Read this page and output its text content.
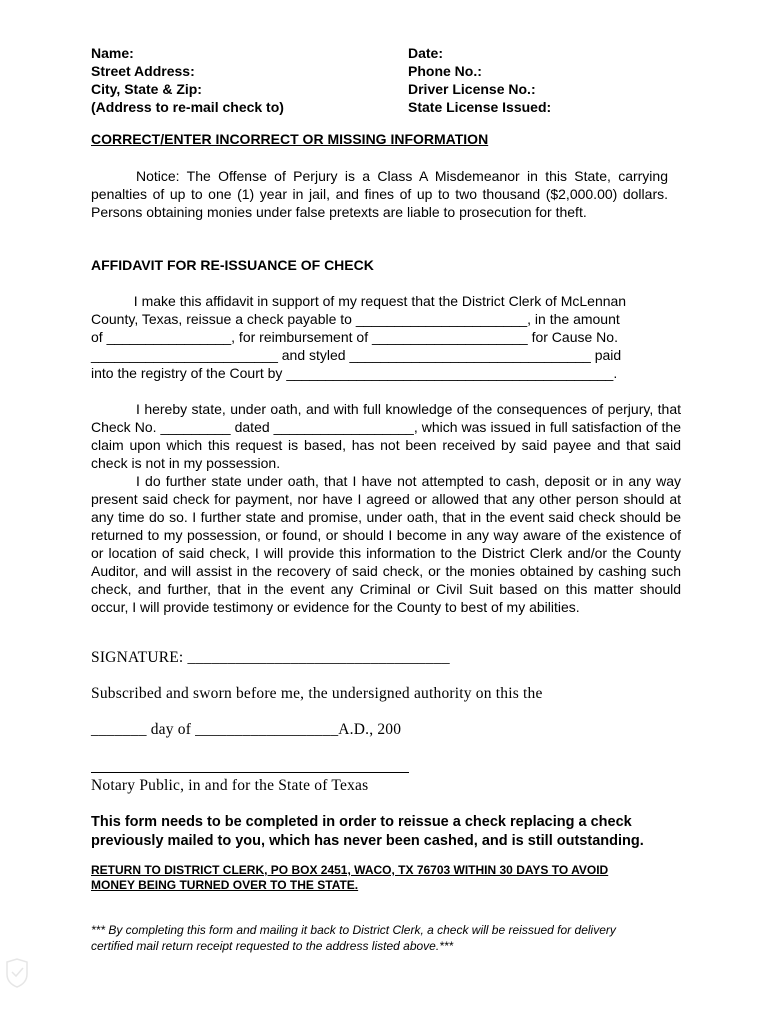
Name:
Street Address:
City, State & Zip:
(Address to re-mail check to)
Date:
Phone No.:
Driver License No.:
State License Issued:
CORRECT/ENTER INCORRECT OR MISSING INFORMATION
Notice: The Offense of Perjury is a Class A Misdemeanor in this State, carrying penalties of up to one (1) year in jail, and fines of up to two thousand ($2,000.00) dollars. Persons obtaining monies under false pretexts are liable to prosecution for theft.
AFFIDAVIT FOR RE-ISSUANCE OF CHECK
I make this affidavit in support of my request that the District Clerk of McLennan
County, Texas, reissue a check payable to ______________________, in the amount
of ________________, for reimbursement of ____________________ for Cause No.
________________________ and styled _______________________________ paid
into the registry of the Court by __________________________________________.
I hereby state, under oath, and with full knowledge of the consequences of perjury, that Check No. _________ dated __________________, which was issued in full satisfaction of the claim upon which this request is based, has not been received by said payee and that said check is not in my possession.
I do further state under oath, that I have not attempted to cash, deposit or in any way present said check for payment, nor have I agreed or allowed that any other person should at any time do so. I further state and promise, under oath, that in the event said check should be returned to my possession, or found, or should I become in any way aware of the existence of or location of said check, I will provide this information to the District Clerk and/or the County Auditor, and will assist in the recovery of said check, or the monies obtained by cashing such check, and further, that in the event any Criminal or Civil Suit based on this matter should occur, I will provide testimony or evidence for the County to best of my abilities.
SIGNATURE: _________________________________
Subscribed and sworn before me, the undersigned authority on this the
_______ day of __________________A.D., 200
Notary Public, in and for the State of Texas
This form needs to be completed in order to reissue a check replacing a check previously mailed to you, which has never been cashed, and is still outstanding.
RETURN TO DISTRICT CLERK, PO BOX 2451, WACO, TX 76703 WITHIN 30 DAYS TO AVOID
MONEY BEING TURNED OVER TO THE STATE.
*** By completing this form and mailing it back to District Clerk, a check will be reissued for delivery
certified mail return receipt requested to the address listed above.***
